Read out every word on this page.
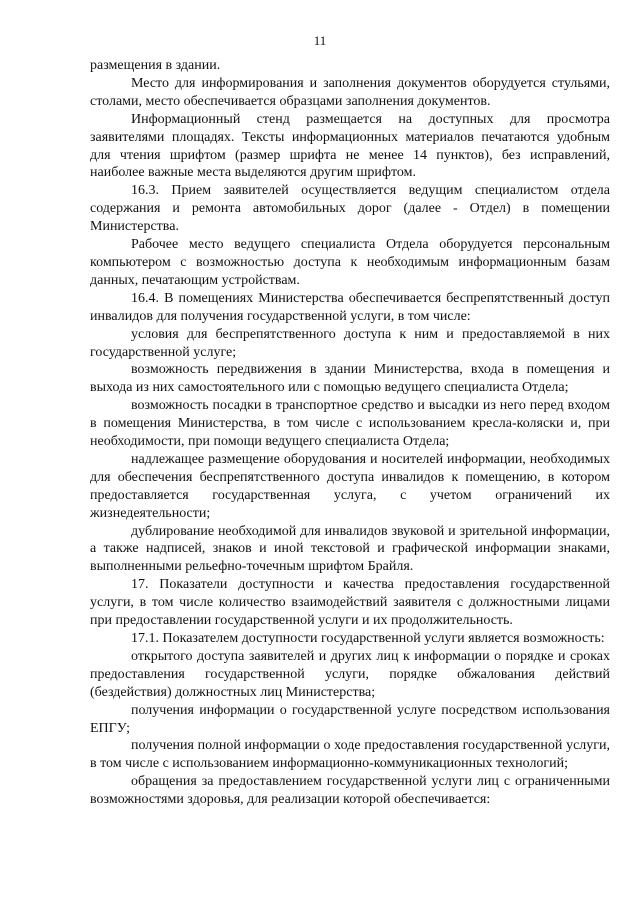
11

размещения в здании.

Место для информирования и заполнения документов оборудуется стульями, столами, место обеспечивается образцами заполнения документов.

Информационный стенд размещается на доступных для просмотра заявителями площадях. Тексты информационных материалов печатаются удобным для чтения шрифтом (размер шрифта не менее 14 пунктов), без исправлений, наиболее важные места выделяются другим шрифтом.

16.3. Прием заявителей осуществляется ведущим специалистом отдела содержания и ремонта автомобильных дорог (далее - Отдел) в помещении Министерства.

Рабочее место ведущего специалиста Отдела оборудуется персональным компьютером с возможностью доступа к необходимым информационным базам данных, печатающим устройствам.

16.4. В помещениях Министерства обеспечивается беспрепятственный доступ инвалидов для получения государственной услуги, в том числе:

условия для беспрепятственного доступа к ним и предоставляемой в них государственной услуге;

возможность передвижения в здании Министерства, входа в помещения и выхода из них самостоятельного или с помощью ведущего специалиста Отдела;

возможность посадки в транспортное средство и высадки из него перед входом в помещения Министерства, в том числе с использованием кресла-коляски и, при необходимости, при помощи ведущего специалиста Отдела;

надлежащее размещение оборудования и носителей информации, необходимых для обеспечения беспрепятственного доступа инвалидов к помещению, в котором предоставляется государственная услуга, с учетом ограничений их жизнедеятельности;

дублирование необходимой для инвалидов звуковой и зрительной информации, а также надписей, знаков и иной текстовой и графической информации знаками, выполненными рельефно-точечным шрифтом Брайля.

17. Показатели доступности и качества предоставления государственной услуги, в том числе количество взаимодействий заявителя с должностными лицами при предоставлении государственной услуги и их продолжительность.

17.1. Показателем доступности государственной услуги является возможность:

открытого доступа заявителей и других лиц к информации о порядке и сроках предоставления государственной услуги, порядке обжалования действий (бездействия) должностных лиц Министерства;

получения информации о государственной услуге посредством использования ЕПГУ;

получения полной информации о ходе предоставления государственной услуги, в том числе с использованием информационно-коммуникационных технологий;

обращения за предоставлением государственной услуги лиц с ограниченными возможностями здоровья, для реализации которой обеспечивается:
